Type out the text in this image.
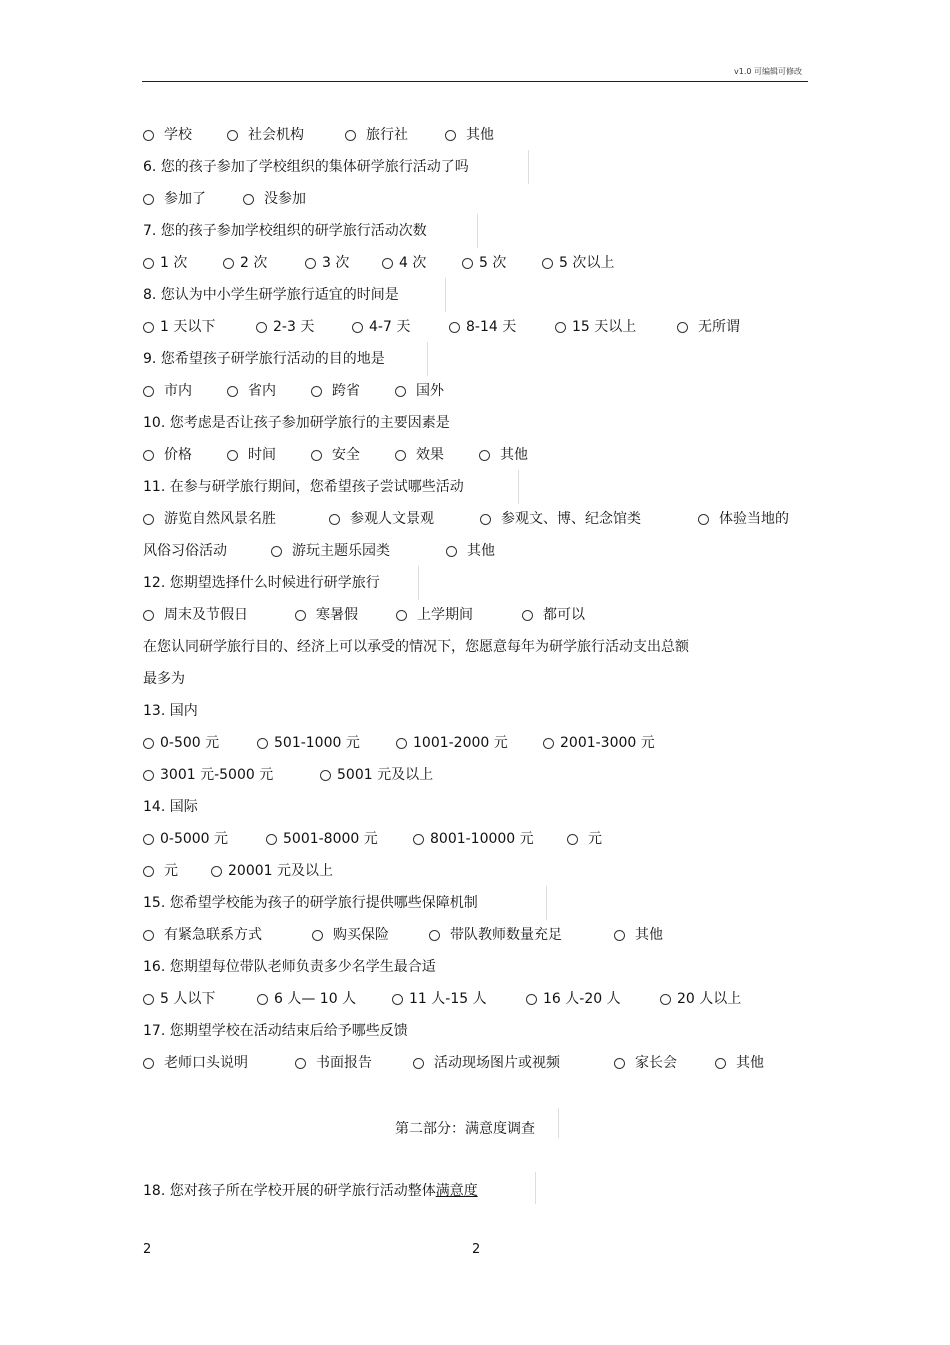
v1.0 可编辑可修改
学校	社会机构	旅行社	其他
6. 您的孩子参加了学校组织的集体研学旅行活动了吗
参加了	没参加
7. 您的孩子参加学校组织的研学旅行活动次数
1 次	2 次	3 次	4 次	5 次	5 次以上
8. 您认为中小学生研学旅行适宜的时间是
1 天以下	2-3 天	4-7 天	8-14 天	15 天以上	无所谓
9. 您希望孩子研学旅行活动的目的地是
市内	省内	跨省	国外
10. 您考虑是否让孩子参加研学旅行的主要因素是
价格	时间	安全	效果	其他
11. 在参与研学旅行期间，您希望孩子尝试哪些活动
游览自然风景名胜	参观人文景观	参观文、博、纪念馆类	体验当地的
风俗习俗活动	游玩主题乐园类	其他
12. 您期望选择什么时候进行研学旅行
周末及节假日	寒暑假	上学期间	都可以
在您认同研学旅行目的、经济上可以承受的情况下，您愿意每年为研学旅行活动支出总额
最多为
13. 国内
0-500 元	501-1000 元	1001-2000 元	2001-3000 元
3001 元-5000 元	5001 元及以上
14. 国际
0-5000 元	5001-8000 元	8001-10000 元	元
元	20001 元及以上
15. 您希望学校能为孩子的研学旅行提供哪些保障机制
有紧急联系方式	购买保险	带队教师数量充足	其他
16. 您期望每位带队老师负责多少名学生最合适
5 人以下	6 人— 10 人	11 人-15 人	16 人-20 人	20 人以上
17. 您期望学校在活动结束后给予哪些反馈
老师口头说明	书面报告	活动现场图片或视频	家长会	其他
第二部分：满意度调查
18. 您对孩子所在学校开展的研学旅行活动整体满意度
2	2
